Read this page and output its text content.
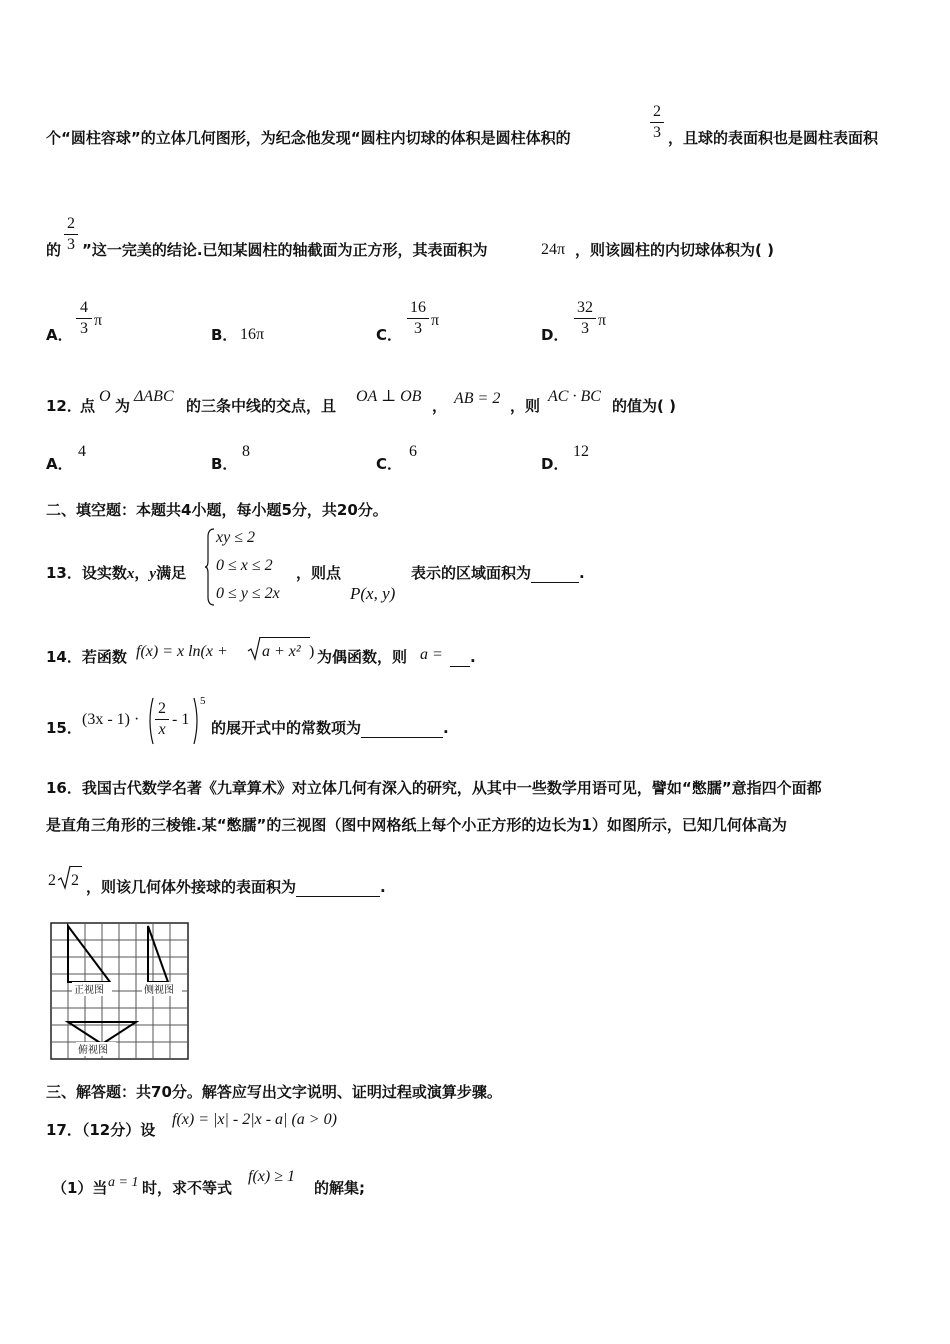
个“圆柱容球”的立体几何图形，为纪念他发现“圆柱内切球的体积是圆柱体积的
2
3 ，且球的表面积也是圆柱表面积
的
2
3 ”这一完美的结论.已知某圆柱的轴截面为正方形，其表面积为	24π ，则该圆柱的内切球体积为( )
A．
4
3 π
B． 16π	C．
16
3 π
D．
32
3 π
12．
点
O
为
ΔABC
的三条中线的交点，且
OA ⊥ OB
， AB = 2 ，则
AC · BC
的值为( )
A．
4
B．
8
C．
6
D．
12
二、填空题：本题共4小题，每小题5分，共20分。
13．设实数x，y满足
xy ≤ 2
0 ≤ x ≤ 2
0 ≤ y ≤ 2x
，则点
P(x, y)
表示的区域面积为	.
14．若函数 f(x) = x ln(x + a + x² ) 为偶函数，则 a =	.
15． (3x - 1) ·
2
x
- 1
5
的展开式中的常数项为	.
16．我国古代数学名著《九章算术》对立体几何有深入的研究，从其中一些数学用语可见，譬如“憋臑”意指四个面都
是直角三角形的三棱锥.某“憋臑”的三视图（图中网格纸上每个小正方形的边长为1）如图所示，已知几何体高为
2 2 ，则该几何体外接球的表面积为	.
正视图	侧视图
俯视图
三、解答题：共70分。解答应写出文字说明、证明过程或演算步骤。
17．（12分）设
f(x) = |x| - 2|x - a| (a > 0)
（1）当 a = 1 时，求不等式
f(x) ≥ 1
的解集;
